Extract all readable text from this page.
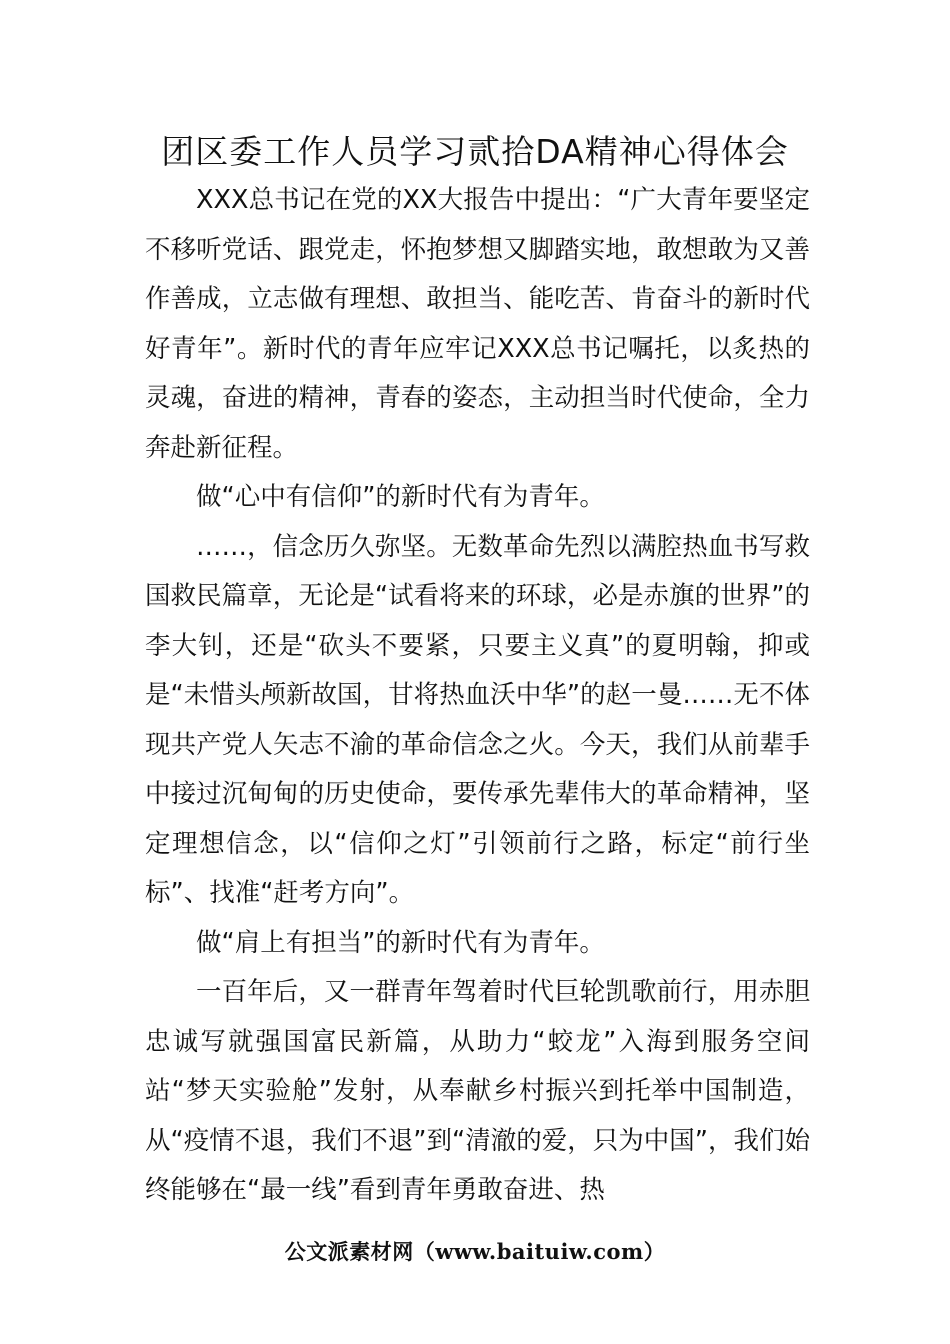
团区委工作人员学习贰拾DA精神心得体会

XXX总书记在党的XX大报告中提出：“广大青年要坚定不移听党话、跟党走，怀抱梦想又脚踏实地，敢想敢为又善作善成，立志做有理想、敢担当、能吃苦、肯奋斗的新时代好青年”。新时代的青年应牢记XXX总书记嘱托，以炙热的灵魂，奋进的精神，青春的姿态，主动担当时代使命，全力奔赴新征程。

做“心中有信仰”的新时代有为青年。

……，信念历久弥坚。无数革命先烈以满腔热血书写救国救民篇章，无论是“试看将来的环球，必是赤旗的世界”的李大钊，还是“砍头不要紧，只要主义真”的夏明翰，抑或是“未惜头颅新故国，甘将热血沃中华”的赵一曼……无不体现共产党人矢志不渝的革命信念之火。今天，我们从前辈手中接过沉甸甸的历史使命，要传承先辈伟大的革命精神，坚定理想信念，以“信仰之灯”引领前行之路，标定“前行坐标”、找准“赶考方向”。

做“肩上有担当”的新时代有为青年。

一百年后，又一群青年驾着时代巨轮凯歌前行，用赤胆忠诚写就强国富民新篇，从助力“蛟龙”入海到服务空间站“梦天实验舱”发射，从奉献乡村振兴到托举中国制造，从“疫情不退，我们不退”到“清澈的爱，只为中国”，我们始终能够在“最一线”看到青年勇敢奋进、热

公文派素材网（www.baituiw.com）
